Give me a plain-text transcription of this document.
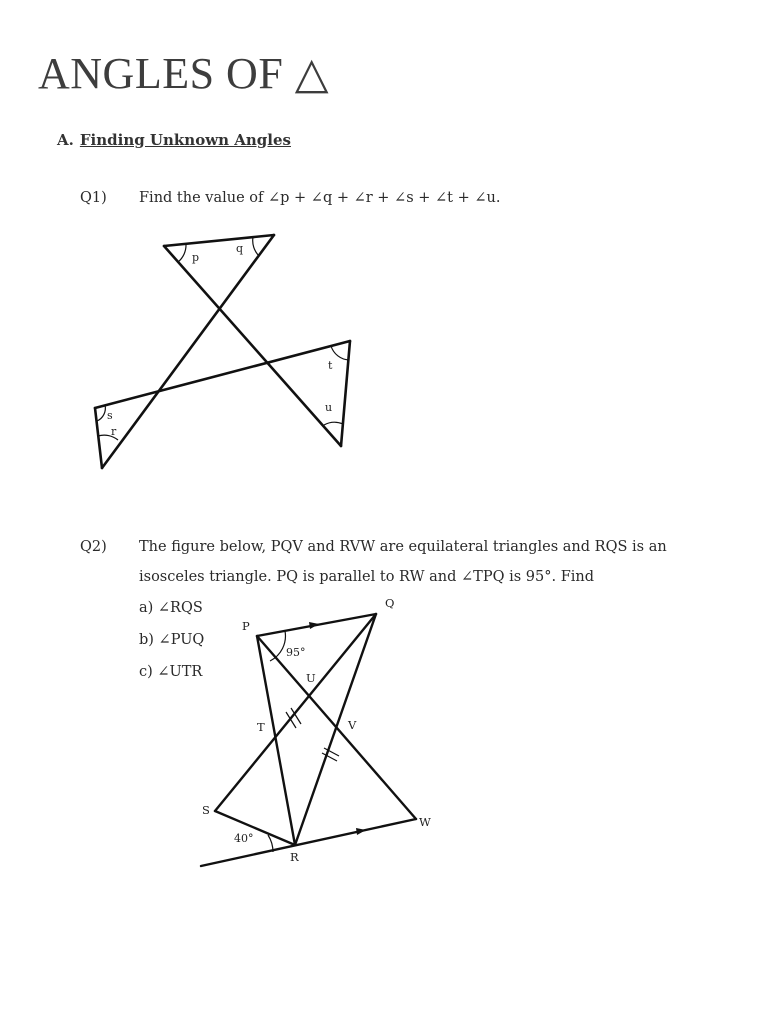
ANGLES OF △
A. Finding Unknown Angles
Q1) Find the value of ∠p + ∠q + ∠r + ∠s + ∠t + ∠u.
Q2) The figure below, PQV and RVW are equilateral triangles and RQS is an
isosceles triangle. PQ is parallel to RW and ∠TPQ is 95°. Find
a) ∠RQS
b) ∠PUQ
c) ∠UTR
p
q
s
r
t
u
P
Q
U
T	V
S
R
W
95°
40°
